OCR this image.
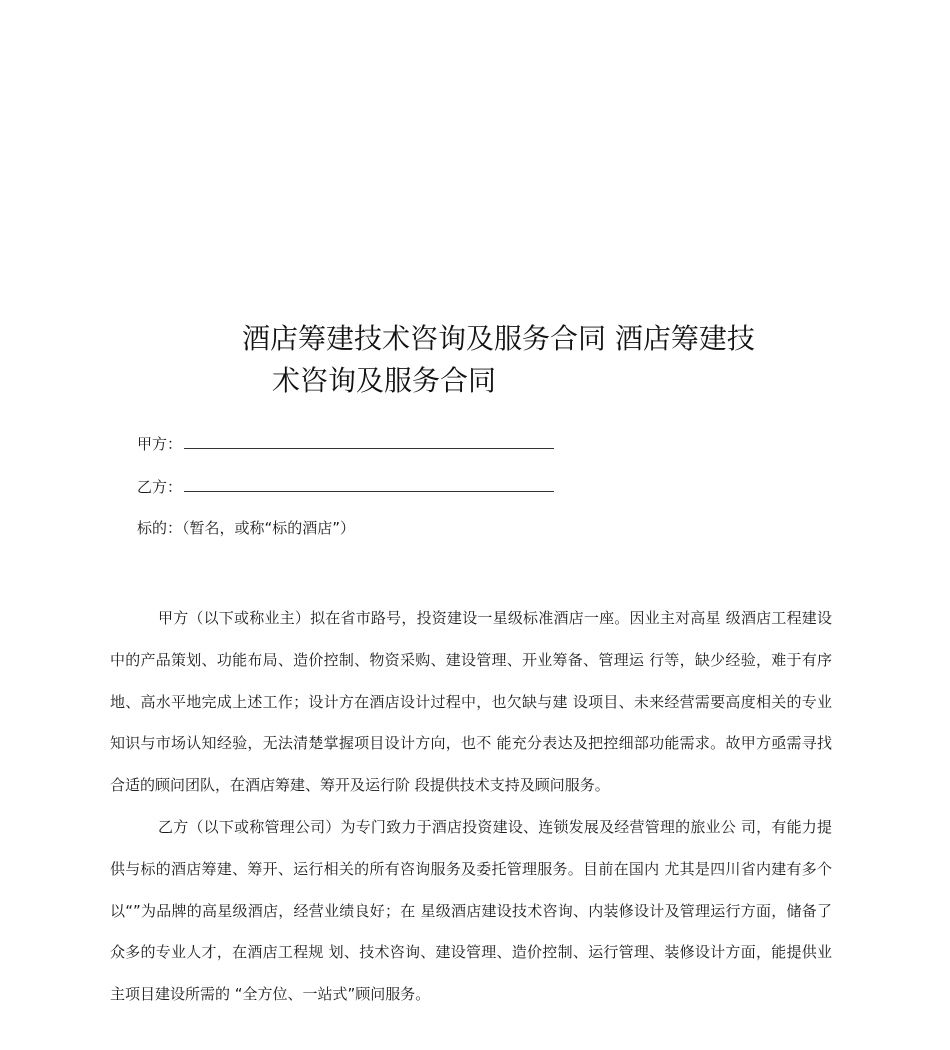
酒店筹建技术咨询及服务合同 酒店筹建技
术咨询及服务合同
甲方：
乙方：
标的：（暂名，或称“标的酒店”）

甲方（以下或称业主）拟在省市路号，投资建设一星级标准酒店一座。因业主对高星 级酒店工程建设中的产品策划、功能布局、造价控制、物资采购、建设管理、开业筹备、管理运 行等，缺少经验，难于有序地、高水平地完成上述工作；设计方在酒店设计过程中，也欠缺与建 设项目、未来经营需要高度相关的专业知识与市场认知经验，无法清楚掌握项目设计方向，也不 能充分表达及把控细部功能需求。故甲方亟需寻找合适的顾问团队，在酒店筹建、筹开及运行阶 段提供技术支持及顾问服务。

乙方（以下或称管理公司）为专门致力于酒店投资建设、连锁发展及经营管理的旅业公 司，有能力提供与标的酒店筹建、筹开、运行相关的所有咨询服务及委托管理服务。目前在国内 尤其是四川省内建有多个以“”为品牌的高星级酒店，经营业绩良好；在 星级酒店建设技术咨询、内装修设计及管理运行方面，储备了众多的专业人才，在酒店工程规 划、技术咨询、建设管理、造价控制、运行管理、装修设计方面，能提供业主项目建设所需的 “全方位、一站式”顾问服务。
